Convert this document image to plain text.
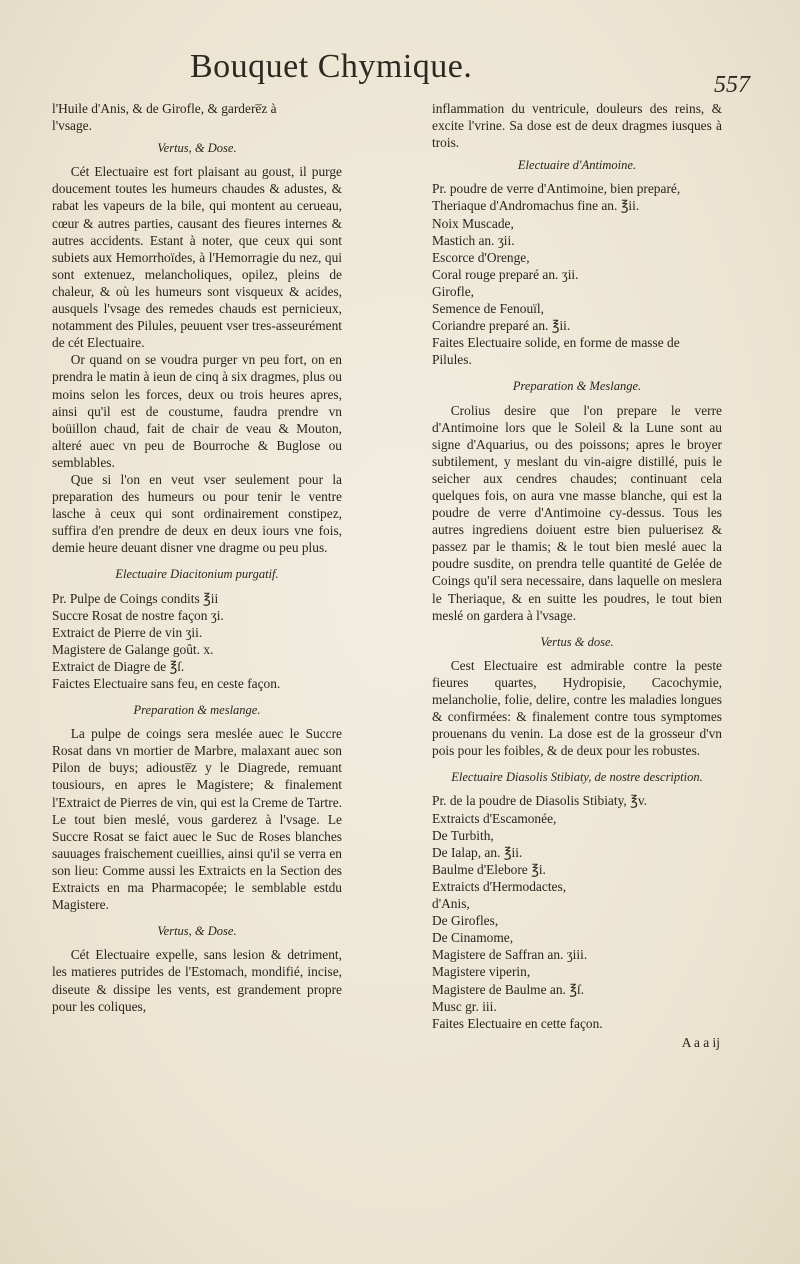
Bouquet Chymique.	557

l'Huile d'Anis, & de Girofle, & gardere̅z à

l'vsage.

Vertus, & Dose.

Cét Electuaire est fort plaisant au goust, il purge doucement toutes les humeurs chaudes & adustes, & rabat les vapeurs de la bile, qui montent au cerueau, cœur & autres parties, causant des fieures internes & autres accidents. Estant à noter, que ceux qui sont subiets aux Hemorrhoïdes, à l'Hemorragie du nez, qui sont extenuez, melancholiques, opilez, pleins de chaleur, & où les humeurs sont visqueux & acides, ausquels l'vsage des remedes chauds est pernicieux, notamment des Pilules, peuuent vser tres-asseurément de cét Electuaire.

Or quand on se voudra purger vn peu fort, on en prendra le matin à ieun de cinq à six dragmes, plus ou moins selon les forces, deux ou trois heures apres, ainsi qu'il est de coustume, faudra prendre vn boüillon chaud, fait de chair de veau & Mouton, alteré auec vn peu de Bourroche & Buglose ou semblables.

Que si l'on en veut vser seulement pour la preparation des humeurs ou pour tenir le ventre lasche à ceux qui sont ordinairement constipez, suffira d'en prendre de deux en deux iours vne fois, demie heure deuant disner vne dragme ou peu plus.

Electuaire Diacitonium purgatif.

Pr. Pulpe de Coings condits ℥ii

Succre Rosat de nostre façon ʒi.

Extraict de Pierre de vin ʒii.

Magistere de Galange goût. x.

Extraict de Diagre de ℥ſ.

Faictes Electuaire sans feu, en ceste façon.

Preparation & meslange.

La pulpe de coings sera meslée auec le Succre Rosat dans vn mortier de Marbre, malaxant auec son Pilon de buys; adiouste̅z y le Diagrede, remuant tousiours, en apres le Magistere; & finalement l'Extraict de Pierres de vin, qui est la Creme de Tartre. Le tout bien meslé, vous garderez à l'vsage. Le Succre Rosat se faict auec le Suc de Roses blanches sauuages fraischement cueillies, ainsi qu'il se verra en son lieu: Comme aussi les Extraicts en la Section des Extraicts en ma Pharmacopée; le semblable estdu Magistere.

Vertus, & Dose.

Cét Electuaire expelle, sans lesion & detriment, les matieres putrides de l'Estomach, mondifié, incise, diseute & dissipe les vents, est grandement propre pour les coliques,

inflammation du ventricule, douleurs des reins, & excite l'vrine. Sa dose est de deux dragmes iusques à trois.

Electuaire d'Antimoine.

Pr. poudre de verre d'Antimoine, bien preparé,

Theriaque d'Andromachus fine an. ℥ii.

Noix Muscade,

Mastich an. ʒii.

Escorce d'Orenge,

Coral rouge preparé an. ʒii.

Girofle,

Semence de Fenouïl,

Coriandre preparé an. ℥ii.

Faites Electuaire solide, en forme de masse de Pilules.

Preparation & Meslange.

Crolius desire que l'on prepare le verre d'Antimoine lors que le Soleil & la Lune sont au signe d'Aquarius, ou des poissons; apres le broyer subtilement, y meslant du vin-aigre distillé, puis le seicher aux cendres chaudes; continuant cela quelques fois, on aura vne masse blanche, qui est la poudre de verre d'Antimoine cy-dessus. Tous les autres ingrediens doiuent estre bien puluerisez & passez par le thamis; & le tout bien meslé auec la poudre susdite, on prendra telle quantité de Gelée de Coings qu'il sera necessaire, dans laquelle on meslera le Theriaque, & en suitte les poudres, le tout bien meslé on gardera à l'vsage.

Vertus & dose.

Cest Electuaire est admirable contre la peste fieures quartes, Hydropisie, Cacochymie, melancholie, folie, delire, contre les maladies longues & confirmées: & finalement contre tous symptomes prouenans du venin. La dose est de la grosseur d'vn pois pour les foibles, & de deux pour les robustes.

Electuaire Diasolis Stibiaty, de nostre description.

Pr. de la poudre de Diasolis Stibiaty, ℥v.

Extraicts d'Escamonée,

De Turbith,

De Ialap, an. ℥ii.

Baulme d'Elebore ℥i.

Extraicts d'Hermodactes,

d'Anis,

De Girofles,

De Cinamome,

Magistere de Saffran an. ʒiii.

Magistere viperin,

Magistere de Baulme an. ℥ſ.

Musc gr. iii.

Faites Electuaire en cette façon.

A a a ij
